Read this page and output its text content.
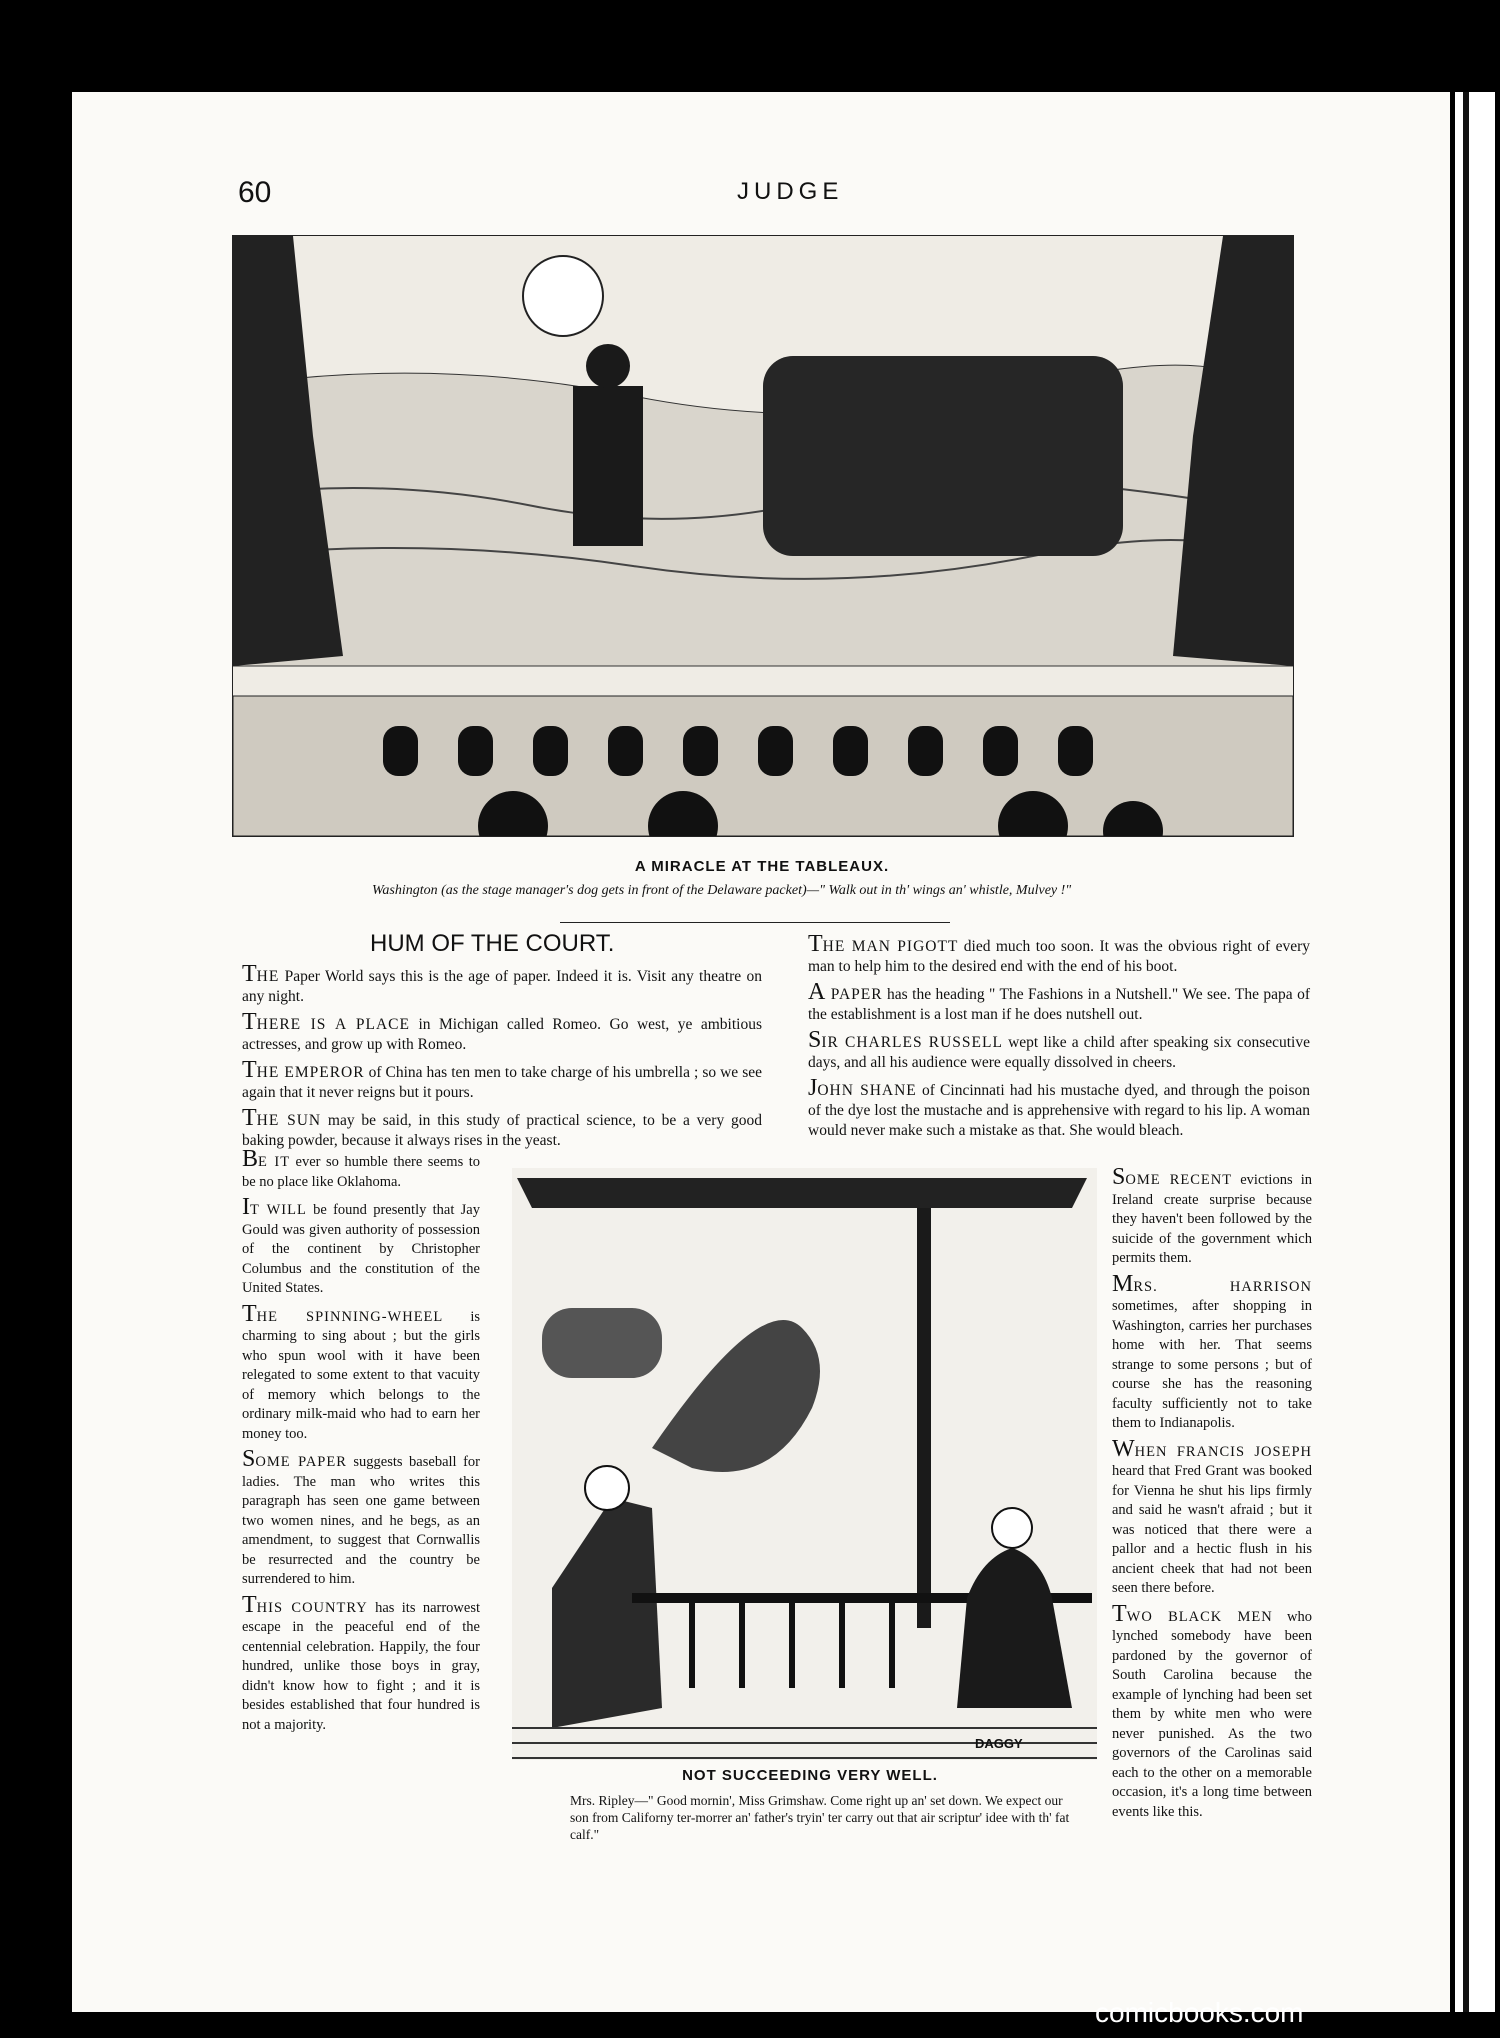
60	JUDGE
A MIRACLE AT THE TABLEAUX.
Washington (as the stage manager's dog gets in front of the Delaware packet)—" Walk out in th' wings an' whistle, Mulvey !"
HUM OF THE COURT.

THE Paper World says this is the age of paper. Indeed it is. Visit any theatre on any night.

THERE IS A PLACE in Michigan called Romeo. Go west, ye ambitious actresses, and grow up with Romeo.

THE EMPEROR of China has ten men to take charge of his umbrella ; so we see again that it never reigns but it pours.

THE SUN may be said, in this study of practical science, to be a very good baking powder, because it always rises in the yeast.

BE IT ever so humble there seems to be no place like Oklahoma.

IT WILL be found presently that Jay Gould was given authority of possession of the continent by Christopher Columbus and the constitution of the United States.

THE SPINNING-WHEEL is charming to sing about ; but the girls who spun wool with it have been relegated to some extent to that vacuity of memory which belongs to the ordinary milk-maid who had to earn her money too.

SOME PAPER suggests baseball for ladies. The man who writes this paragraph has seen one game between two women nines, and he begs, as an amendment, to suggest that Cornwallis be resurrected and the country be surrendered to him.

THIS COUNTRY has its narrowest escape in the peaceful end of the centennial celebration. Happily, the four hundred, unlike those boys in gray, didn't know how to fight ; and it is besides established that four hundred is not a majority.

THE MAN PIGOTT died much too soon. It was the obvious right of every man to help him to the desired end with the end of his boot.

A PAPER has the heading " The Fashions in a Nutshell." We see. The papa of the establishment is a lost man if he does nutshell out.

SIR CHARLES RUSSELL wept like a child after speaking six consecutive days, and all his audience were equally dissolved in cheers.

JOHN SHANE of Cincinnati had his mustache dyed, and through the poison of the dye lost the mustache and is apprehensive with regard to his lip. A woman would never make such a mistake as that. She would bleach.

SOME RECENT evictions in Ireland create surprise because they haven't been followed by the suicide of the government which permits them.

MRS. HARRISON sometimes, after shopping in Washington, carries her purchases home with her. That seems strange to some persons ; but of course she has the reasoning faculty sufficiently not to take them to Indianapolis.

WHEN FRANCIS JOSEPH heard that Fred Grant was booked for Vienna he shut his lips firmly and said he wasn't afraid ; but it was noticed that there were a pallor and a hectic flush in his ancient cheek that had not been seen there before.

TWO BLACK MEN who lynched somebody have been pardoned by the governor of South Carolina because the example of lynching had been set them by white men who were never punished. As the two governors of the Carolinas said each to the other on a memorable occasion, it's a long time between events like this.

DAGGY
NOT SUCCEEDING VERY WELL.
Mrs. Ripley—" Good mornin', Miss Grimshaw. Come right up an' set down. We expect our son from Californy ter-morrer an' father's tryin' ter carry out that air scriptur' idee with th' fat calf."
comicbooks.com
